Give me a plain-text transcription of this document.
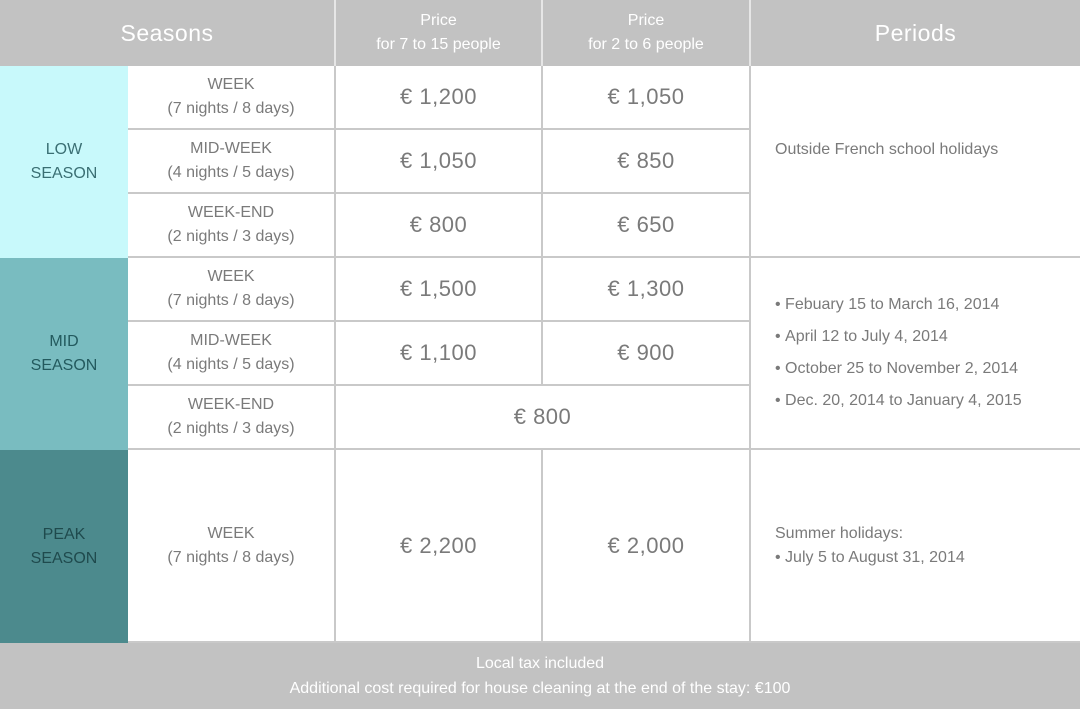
Seasons	Price
for 7 to 15 people
Price
for 2 to 6 people	Periods
LOW
SEASON
WEEK
(7 nights / 8 days)	€ 1,200	€ 1,050
MID-WEEK
(4 nights / 5 days)	€ 1,050	€ 850
WEEK-END
(2 nights / 3 days)	€ 800	€ 650
Outside French school holidays
MID
SEASON
WEEK
(7 nights / 8 days)	€ 1,500	€ 1,300
MID-WEEK
(4 nights / 5 days)	€ 1,100	€ 900
WEEK-END
(2 nights / 3 days)	€ 800
• Febuary 15 to March 16, 2014
• April 12 to July 4, 2014
• October 25 to November 2, 2014
• Dec. 20, 2014 to January 4, 2015
PEAK
SEASON
WEEK
(7 nights / 8 days)	€ 2,200	€ 2,000	Summer holidays:
• July 5 to August 31, 2014
Local tax included
Additional cost required for house cleaning at the end of the stay: €100
